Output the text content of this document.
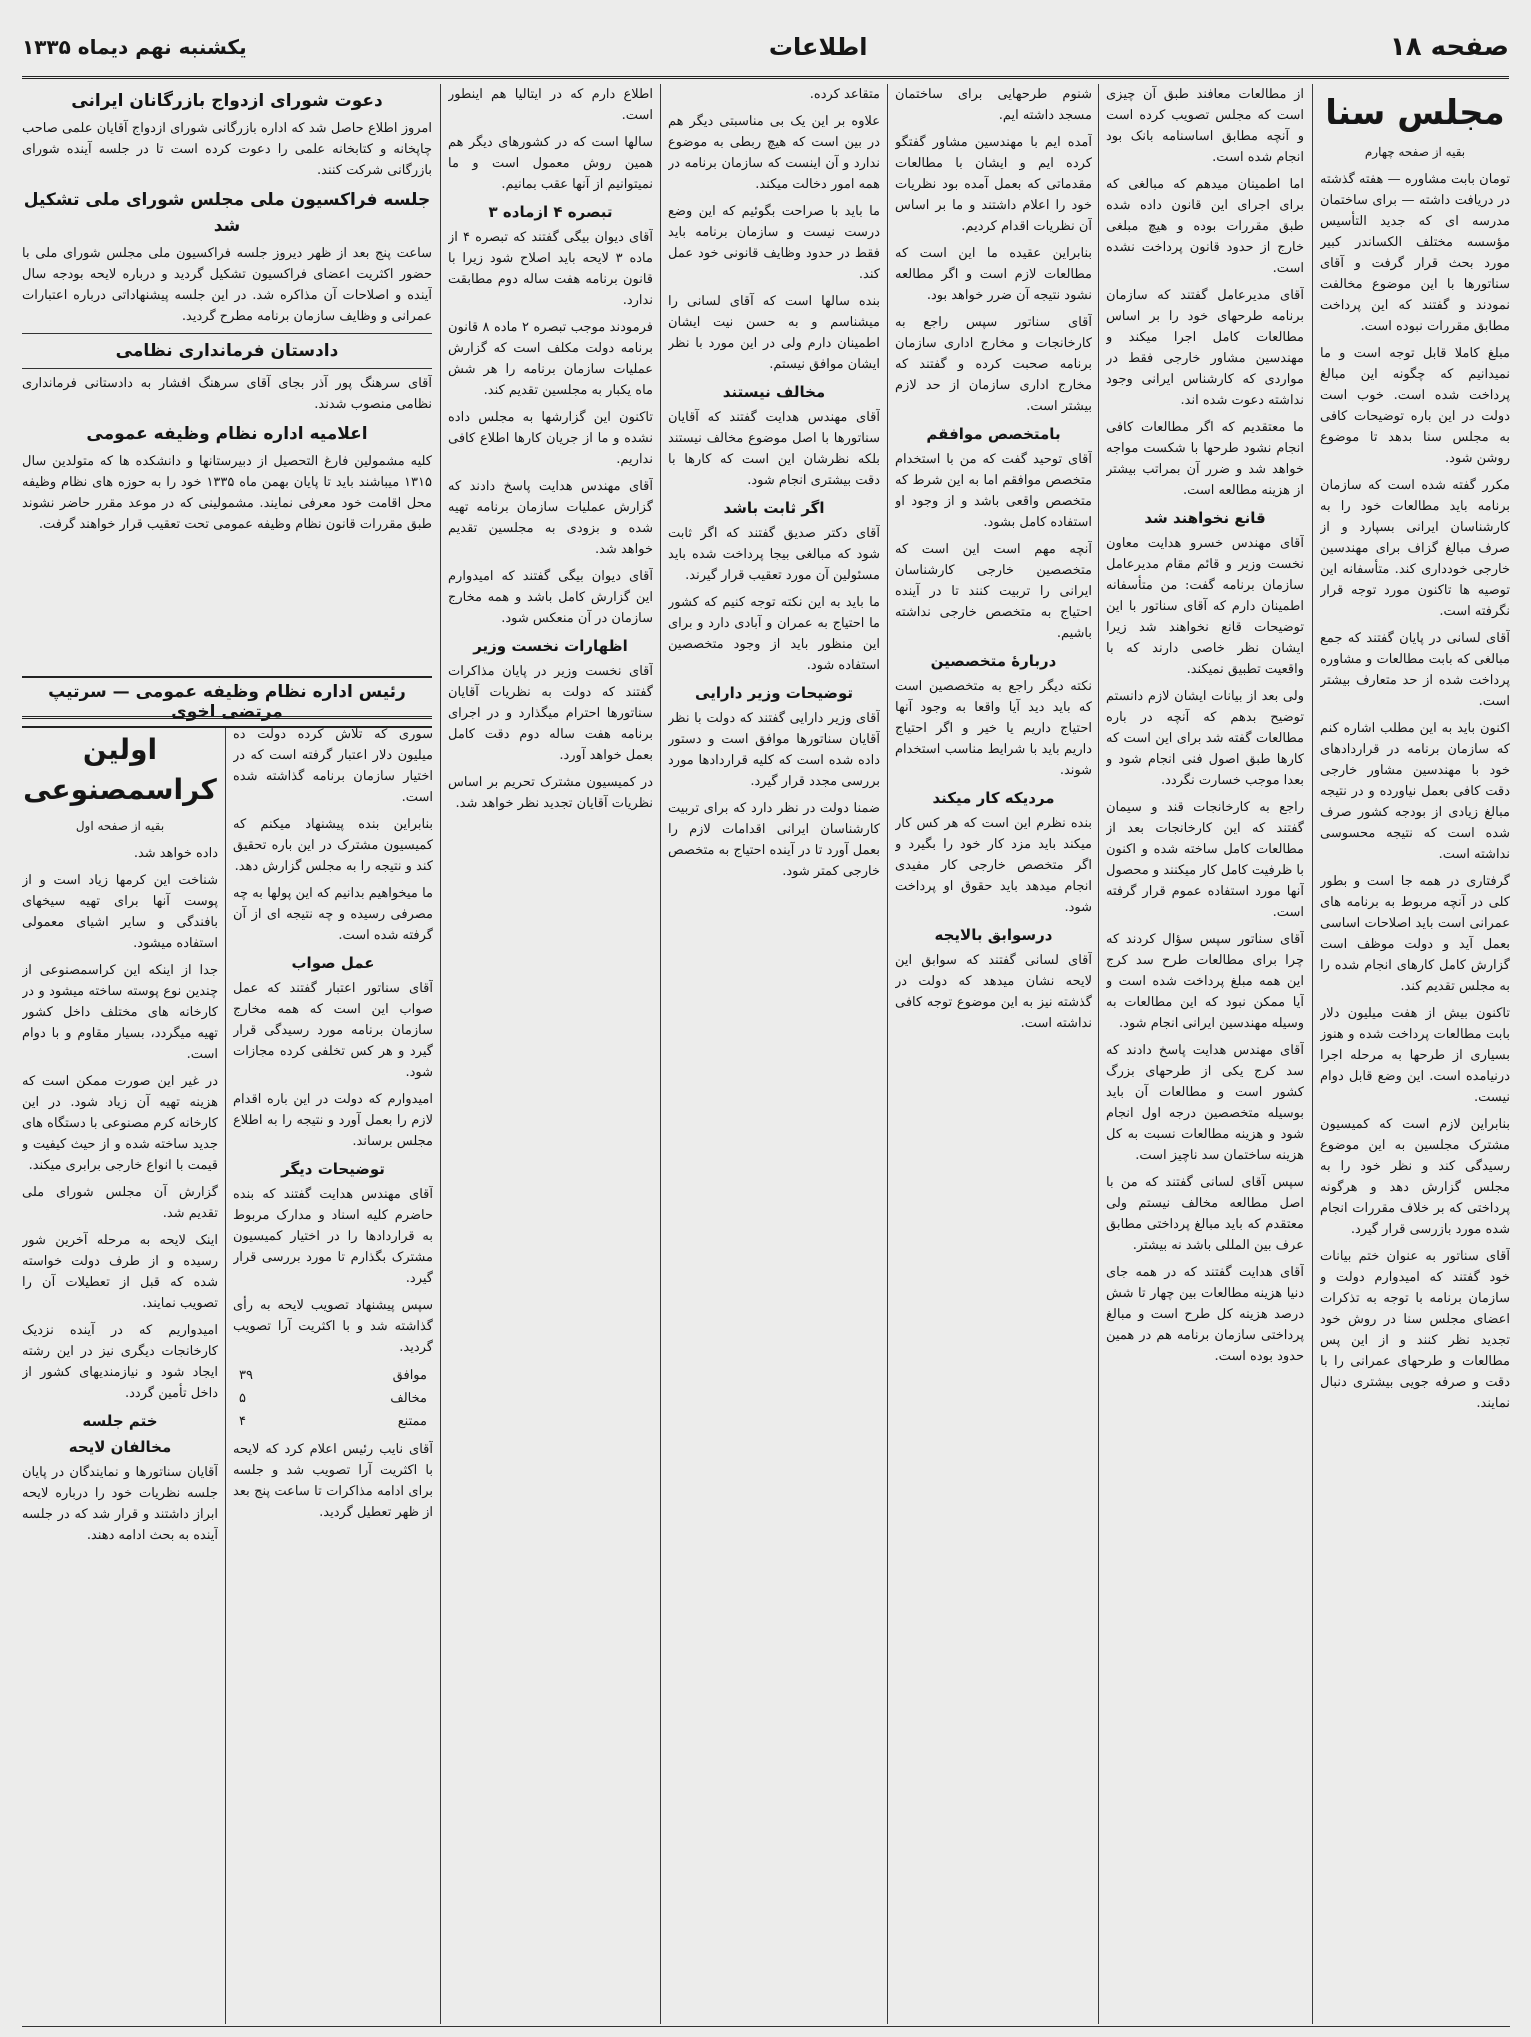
صفحه ۱۸
اطلاعات
یکشنبه نهم دیماه ۱۳۳۵
مجلس سنا
بقیه از صفحه چهارم

تومان بابت مشاوره — هفته گذشته در دریافت داشته — برای ساختمان مدرسه ای که جدید التأسیس مؤسسه مختلف الکساندر کبیر مورد بحث قرار گرفت و آقای سناتورها با این موضوع مخالفت نمودند و گفتند که این پرداخت مطابق مقررات نبوده است.

مبلغ کاملا قابل توجه است و ما نمیدانیم که چگونه این مبالغ پرداخت شده است. خوب است دولت در این باره توضیحات کافی به مجلس سنا بدهد تا موضوع روشن شود.

مکرر گفته شده است که سازمان برنامه باید مطالعات خود را به کارشناسان ایرانی بسپارد و از صرف مبالغ گزاف برای مهندسین خارجی خودداری کند. متأسفانه این توصیه ها تاکنون مورد توجه قرار نگرفته است.

آقای لسانی در پایان گفتند که جمع مبالغی که بابت مطالعات و مشاوره پرداخت شده از حد متعارف بیشتر است.

اکنون باید به این مطلب اشاره کنم که سازمان برنامه در قراردادهای خود با مهندسین مشاور خارجی دقت کافی بعمل نیاورده و در نتیجه مبالغ زیادی از بودجه کشور صرف شده است که نتیجه محسوسی نداشته است.

گرفتاری در همه جا است و بطور کلی در آنچه مربوط به برنامه های عمرانی است باید اصلاحات اساسی بعمل آید و دولت موظف است گزارش کامل کارهای انجام شده را به مجلس تقدیم کند.

تاکنون بیش از هفت میلیون دلار بابت مطالعات پرداخت شده و هنوز بسیاری از طرحها به مرحله اجرا درنیامده است. این وضع قابل دوام نیست.

بنابراین لازم است که کمیسیون مشترک مجلسین به این موضوع رسیدگی کند و نظر خود را به مجلس گزارش دهد و هرگونه پرداختی که بر خلاف مقررات انجام شده مورد بازرسی قرار گیرد.

آقای سناتور به عنوان ختم بیانات خود گفتند که امیدوارم دولت و سازمان برنامه با توجه به تذکرات اعضای مجلس سنا در روش خود تجدید نظر کنند و از این پس مطالعات و طرحهای عمرانی را با دقت و صرفه جویی بیشتری دنبال نمایند.

از مطالعات معافند طبق آن چیزی است که مجلس تصویب کرده است و آنچه مطابق اساسنامه بانک بود انجام شده است.

اما اطمینان میدهم که مبالغی که برای اجرای این قانون داده شده طبق مقررات بوده و هیچ مبلغی خارج از حدود قانون پرداخت نشده است.

آقای مدیرعامل گفتند که سازمان برنامه طرحهای خود را بر اساس مطالعات کامل اجرا میکند و مهندسین مشاور خارجی فقط در مواردی که کارشناس ایرانی وجود نداشته دعوت شده اند.

ما معتقدیم که اگر مطالعات کافی انجام نشود طرحها با شکست مواجه خواهد شد و ضرر آن بمراتب بیشتر از هزینه مطالعه است.

قانع نخواهند شد

آقای مهندس خسرو هدایت معاون نخست وزیر و قائم مقام مدیرعامل سازمان برنامه گفت: من متأسفانه اطمینان دارم که آقای سناتور با این توضیحات قانع نخواهند شد زیرا ایشان نظر خاصی دارند که با واقعیت تطبیق نمیکند.

ولی بعد از بیانات ایشان لازم دانستم توضیح بدهم که آنچه در باره مطالعات گفته شد برای این است که کارها طبق اصول فنی انجام شود و بعدا موجب خسارت نگردد.

راجع به کارخانجات قند و سیمان گفتند که این کارخانجات بعد از مطالعات کامل ساخته شده و اکنون با ظرفیت کامل کار میکنند و محصول آنها مورد استفاده عموم قرار گرفته است.

آقای سناتور سپس سؤال کردند که چرا برای مطالعات طرح سد کرج این همه مبلغ پرداخت شده است و آیا ممکن نبود که این مطالعات به وسیله مهندسین ایرانی انجام شود.

آقای مهندس هدایت پاسخ دادند که سد کرج یکی از طرحهای بزرگ کشور است و مطالعات آن باید بوسیله متخصصین درجه اول انجام شود و هزینه مطالعات نسبت به کل هزینه ساختمان سد ناچیز است.

سپس آقای لسانی گفتند که من با اصل مطالعه مخالف نیستم ولی معتقدم که باید مبالغ پرداختی مطابق عرف بین المللی باشد نه بیشتر.

آقای هدایت گفتند که در همه جای دنیا هزینه مطالعات بین چهار تا شش درصد هزینه کل طرح است و مبالغ پرداختی سازمان برنامه هم در همین حدود بوده است.

شنوم طرحهایی برای ساختمان مسجد داشته ایم.

آمده ایم با مهندسین مشاور گفتگو کرده ایم و ایشان با مطالعات مقدماتی که بعمل آمده بود نظریات خود را اعلام داشتند و ما بر اساس آن نظریات اقدام کردیم.

بنابراین عقیده ما این است که مطالعات لازم است و اگر مطالعه نشود نتیجه آن ضرر خواهد بود.

آقای سناتور سپس راجع به کارخانجات و مخارج اداری سازمان برنامه صحبت کرده و گفتند که مخارج اداری سازمان از حد لازم بیشتر است.

بامتخصص موافقم

آقای توحید گفت که من با استخدام متخصص موافقم اما به این شرط که متخصص واقعی باشد و از وجود او استفاده کامل بشود.

آنچه مهم است این است که متخصصین خارجی کارشناسان ایرانی را تربیت کنند تا در آینده احتیاج به متخصص خارجی نداشته باشیم.

دربارهٔ متخصصین

نکته دیگر راجع به متخصصین است که باید دید آیا واقعا به وجود آنها احتیاج داریم یا خیر و اگر احتیاج داریم باید با شرایط مناسب استخدام شوند.

مردیکه کار میکند

بنده نظرم این است که هر کس کار میکند باید مزد کار خود را بگیرد و اگر متخصص خارجی کار مفیدی انجام میدهد باید حقوق او پرداخت شود.

درسوابق بالایجه

آقای لسانی گفتند که سوابق این لایحه نشان میدهد که دولت در گذشته نیز به این موضوع توجه کافی نداشته است.

متقاعد کرده.

علاوه بر این یک بی مناسبتی دیگر هم در بین است که هیچ ربطی به موضوع ندارد و آن اینست که سازمان برنامه در همه امور دخالت میکند.

ما باید با صراحت بگوئیم که این وضع درست نیست و سازمان برنامه باید فقط در حدود وظایف قانونی خود عمل کند.

بنده سالها است که آقای لسانی را میشناسم و به حسن نیت ایشان اطمینان دارم ولی در این مورد با نظر ایشان موافق نیستم.

مخالف نیستند

آقای مهندس هدایت گفتند که آقایان سناتورها با اصل موضوع مخالف نیستند بلکه نظرشان این است که کارها با دقت بیشتری انجام شود.

اگر ثابت باشد

آقای دکتر صدیق گفتند که اگر ثابت شود که مبالغی بیجا پرداخت شده باید مسئولین آن مورد تعقیب قرار گیرند.

ما باید به این نکته توجه کنیم که کشور ما احتیاج به عمران و آبادی دارد و برای این منظور باید از وجود متخصصین استفاده شود.

توضیحات وزیر دارایی

آقای وزیر دارایی گفتند که دولت با نظر آقایان سناتورها موافق است و دستور داده شده است که کلیه قراردادها مورد بررسی مجدد قرار گیرد.

ضمنا دولت در نظر دارد که برای تربیت کارشناسان ایرانی اقدامات لازم را بعمل آورد تا در آینده احتیاج به متخصص خارجی کمتر شود.

اطلاع دارم که در ایتالیا هم اینطور است.

سالها است که در کشورهای دیگر هم همین روش معمول است و ما نمیتوانیم از آنها عقب بمانیم.

تبصره ۴ ازماده ۳

آقای دیوان بیگی گفتند که تبصره ۴ از ماده ۳ لایحه باید اصلاح شود زیرا با قانون برنامه هفت ساله دوم مطابقت ندارد.

فرمودند موجب تبصره ۲ ماده ۸ قانون برنامه دولت مکلف است که گزارش عملیات سازمان برنامه را هر شش ماه یکبار به مجلسین تقدیم کند.

تاکنون این گزارشها به مجلس داده نشده و ما از جریان کارها اطلاع کافی نداریم.

آقای مهندس هدایت پاسخ دادند که گزارش عملیات سازمان برنامه تهیه شده و بزودی به مجلسین تقدیم خواهد شد.

آقای دیوان بیگی گفتند که امیدوارم این گزارش کامل باشد و همه مخارج سازمان در آن منعکس شود.

اظهارات نخست وزیر

آقای نخست وزیر در پایان مذاکرات گفتند که دولت به نظریات آقایان سناتورها احترام میگذارد و در اجرای برنامه هفت ساله دوم دقت کامل بعمل خواهد آورد.

در کمیسیون مشترک تحریم بر اساس نظریات آقایان تجدید نظر خواهد شد.

دعوت شورای ازدواج بازرگانان ایرانی

امروز اطلاع حاصل شد که اداره بازرگانی شورای ازدواج آقایان علمی صاحب چاپخانه و کتابخانه علمی را دعوت کرده است تا در جلسه آینده شورای بازرگانی شرکت کنند.

جلسه فراکسیون ملی مجلس شورای ملی تشکیل شد

ساعت پنج بعد از ظهر دیروز جلسه فراکسیون ملی مجلس شورای ملی با حضور اکثریت اعضای فراکسیون تشکیل گردید و درباره لایحه بودجه سال آینده و اصلاحات آن مذاکره شد. در این جلسه پیشنهاداتی درباره اعتبارات عمرانی و وظایف سازمان برنامه مطرح گردید.

دادستان فرمانداری نظامی

آقای سرهنگ پور آذر بجای آقای سرهنگ افشار به دادستانی فرمانداری نظامی منصوب شدند.

اعلامیه اداره نظام وظیفه عمومی

کلیه مشمولین فارغ التحصیل از دبیرستانها و دانشکده ها که متولدین سال ۱۳۱۵ میباشند باید تا پایان بهمن ماه ۱۳۳۵ خود را به حوزه های نظام وظیفه محل اقامت خود معرفی نمایند. مشمولینی که در موعد مقرر حاضر نشوند طبق مقررات قانون نظام وظیفه عمومی تحت تعقیب قرار خواهند گرفت.

رئیس اداره نظام وظیفه عمومی — سرتیپ مرتضی اخوی

سوری که تلاش کرده دولت ده میلیون دلار اعتبار گرفته است که در اختیار سازمان برنامه گذاشته شده است.

بنابراین بنده پیشنهاد میکنم که کمیسیون مشترک در این باره تحقیق کند و نتیجه را به مجلس گزارش دهد.

ما میخواهیم بدانیم که این پولها به چه مصرفی رسیده و چه نتیجه ای از آن گرفته شده است.

عمل صواب

آقای سناتور اعتبار گفتند که عمل صواب این است که همه مخارج سازمان برنامه مورد رسیدگی قرار گیرد و هر کس تخلفی کرده مجازات شود.

امیدوارم که دولت در این باره اقدام لازم را بعمل آورد و نتیجه را به اطلاع مجلس برساند.

توضیحات دیگر

آقای مهندس هدایت گفتند که بنده حاضرم کلیه اسناد و مدارک مربوط به قراردادها را در اختیار کمیسیون مشترک بگذارم تا مورد بررسی قرار گیرد.

سپس پیشنهاد تصویب لایحه به رأی گذاشته شد و با اکثریت آرا تصویب گردید.

موافق	۳۹
مخالف	۵
ممتنع	۴

آقای نایب رئیس اعلام کرد که لایحه با اکثریت آرا تصویب شد و جلسه برای ادامه مذاکرات تا ساعت پنج بعد از ظهر تعطیل گردید.

اولین کراسمصنوعی
بقیه از صفحه اول

داده خواهد شد.

شناخت این کرمها زیاد است و از پوست آنها برای تهیه سیخهای بافندگی و سایر اشیای معمولی استفاده میشود.

جدا از اینکه این کراسمصنوعی از چندین نوع پوسته ساخته میشود و در کارخانه های مختلف داخل کشور تهیه میگردد، بسیار مقاوم و با دوام است.

در غیر این صورت ممکن است که هزینه تهیه آن زیاد شود. در این کارخانه کرم مصنوعی با دستگاه های جدید ساخته شده و از حیث کیفیت و قیمت با انواع خارجی برابری میکند.

گزارش آن مجلس شورای ملی تقدیم شد.

اینک لایحه به مرحله آخرین شور رسیده و از طرف دولت خواسته شده که قبل از تعطیلات آن را تصویب نمایند.

امیدواریم که در آینده نزدیک کارخانجات دیگری نیز در این رشته ایجاد شود و نیازمندیهای کشور از داخل تأمین گردد.

ختم جلسه
مخالفان لایحه

آقایان سناتورها و نمایندگان در پایان جلسه نظریات خود را درباره لایحه ابراز داشتند و قرار شد که در جلسه آینده به بحث ادامه دهند.
